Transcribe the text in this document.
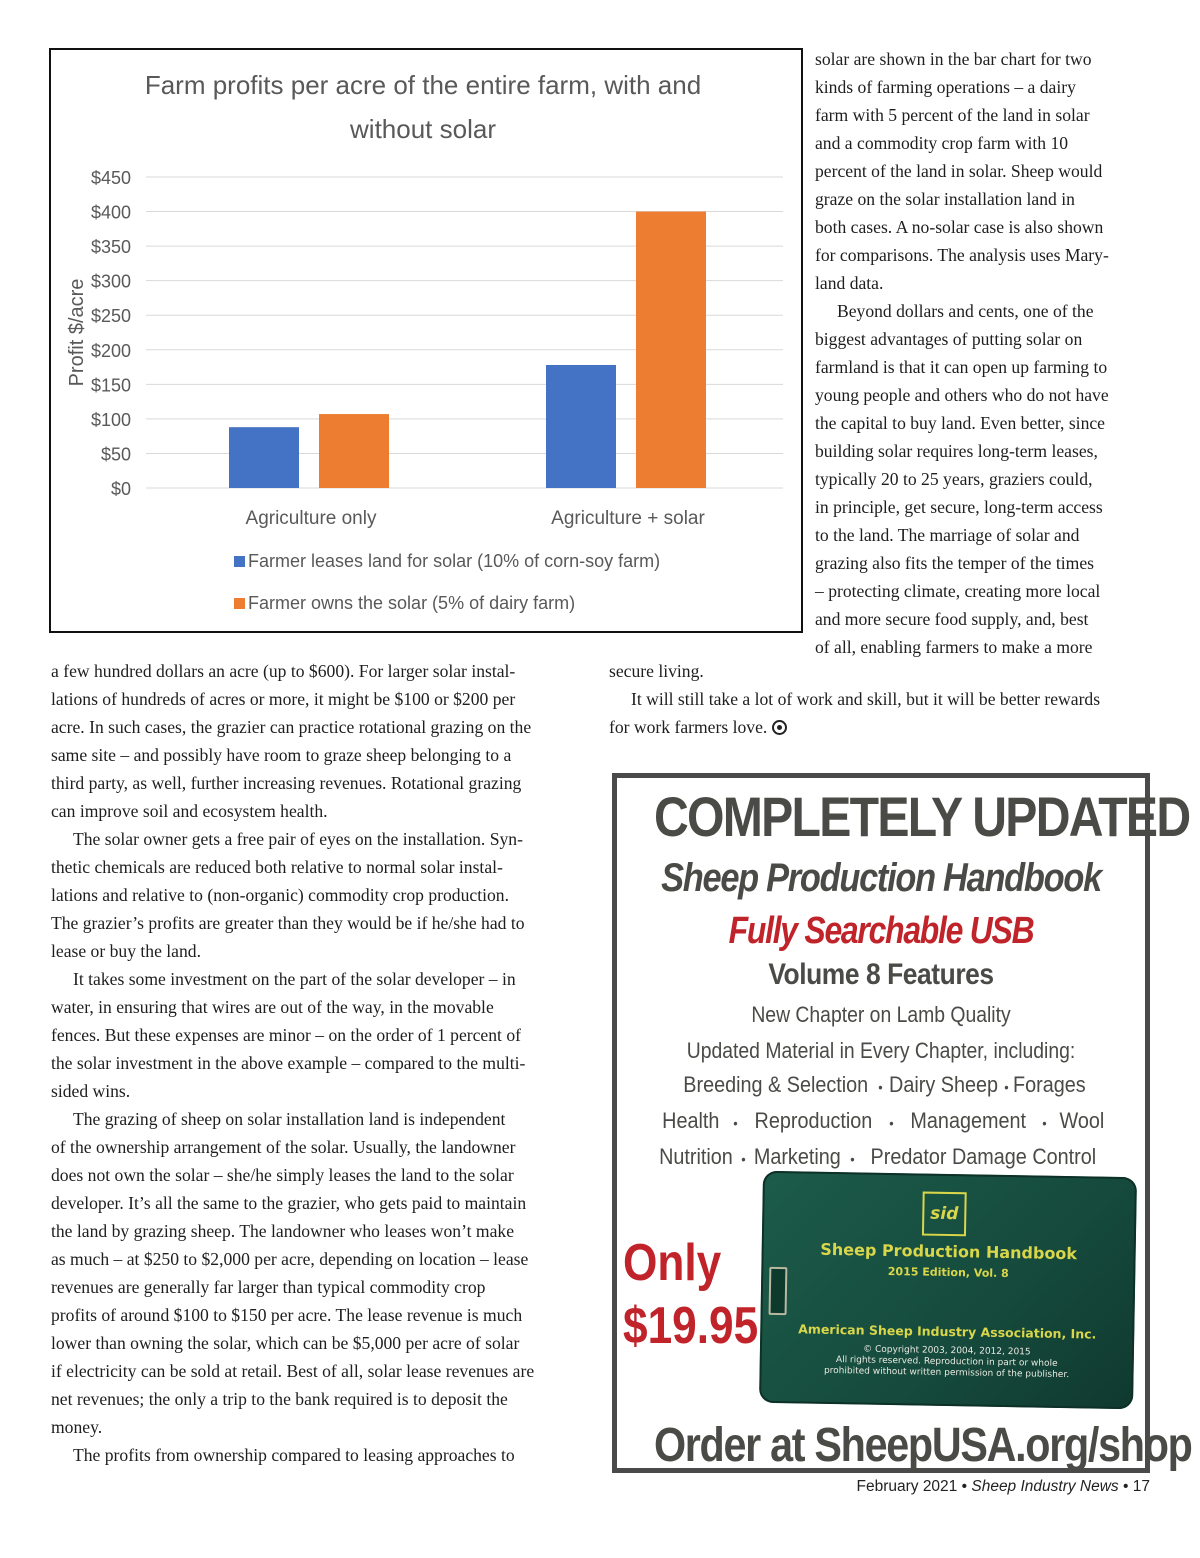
Farm profits per acre of the entire farm, with and
without solar
$450
$400
$350
$300
$250
$200
$150
$100
$50
$0
Profit $/acre
Agriculture only	Agriculture + solar
Farmer leases land for solar (10% of corn-soy farm)
Farmer owns the solar (5% of dairy farm)
solar are shown in the bar chart for two
kinds of farming operations – a dairy
farm with 5 percent of the land in solar
and a commodity crop farm with 10
percent of the land in solar. Sheep would
graze on the solar installation land in
both cases. A no-solar case is also shown
for comparisons. The analysis uses Mary-
land data.
Beyond dollars and cents, one of the
biggest advantages of putting solar on
farmland is that it can open up farming to
young people and others who do not have
the capital to buy land. Even better, since
building solar requires long-term leases,
typically 20 to 25 years, graziers could,
in principle, get secure, long-term access
to the land. The marriage of solar and
grazing also fits the temper of the times
– protecting climate, creating more local
and more secure food supply, and, best
of all, enabling farmers to make a more
a few hundred dollars an acre (up to $600). For larger solar instal-
lations of hundreds of acres or more, it might be $100 or $200 per
acre. In such cases, the grazier can practice rotational grazing on the
same site – and possibly have room to graze sheep belonging to a
third party, as well, further increasing revenues. Rotational grazing
can improve soil and ecosystem health.
The solar owner gets a free pair of eyes on the installation. Syn-
thetic chemicals are reduced both relative to normal solar instal-
lations and relative to (non-organic) commodity crop production.
The grazier’s profits are greater than they would be if he/she had to
lease or buy the land.
It takes some investment on the part of the solar developer – in
water, in ensuring that wires are out of the way, in the movable
fences. But these expenses are minor – on the order of 1 percent of
the solar investment in the above example – compared to the multi-
sided wins.
The grazing of sheep on solar installation land is independent
of the ownership arrangement of the solar. Usually, the landowner
does not own the solar – she/he simply leases the land to the solar
developer. It’s all the same to the grazier, who gets paid to maintain
the land by grazing sheep. The landowner who leases won’t make
as much – at $250 to $2,000 per acre, depending on location – lease
revenues are generally far larger than typical commodity crop
profits of around $100 to $150 per acre. The lease revenue is much
lower than owning the solar, which can be $5,000 per acre of solar
if electricity can be sold at retail. Best of all, solar lease revenues are
net revenues; the only a trip to the bank required is to deposit the
money.
The profits from ownership compared to leasing approaches to
secure living.
It will still take a lot of work and skill, but it will be better rewards
for work farmers love.
COMPLETELY UPDATED
Sheep Production Handbook
Fully Searchable USB
Volume 8 Features
New Chapter on Lamb Quality
Updated Material in Every Chapter, including:
Breeding & Selection • Dairy Sheep • Forages
Health • Reproduction • Management • Wool
Nutrition • Marketing • Predator Damage Control
sid
Sheep Production Handbook
2015 Edition, Vol. 8
American Sheep Industry Association, Inc.
© Copyright 2003, 2004, 2012, 2015
All rights reserved. Reproduction in part or whole
prohibited without written permission of the publisher.
Only
$19.95
Order at SheepUSA.org/shop
February 2021 • Sheep Industry News • 17
